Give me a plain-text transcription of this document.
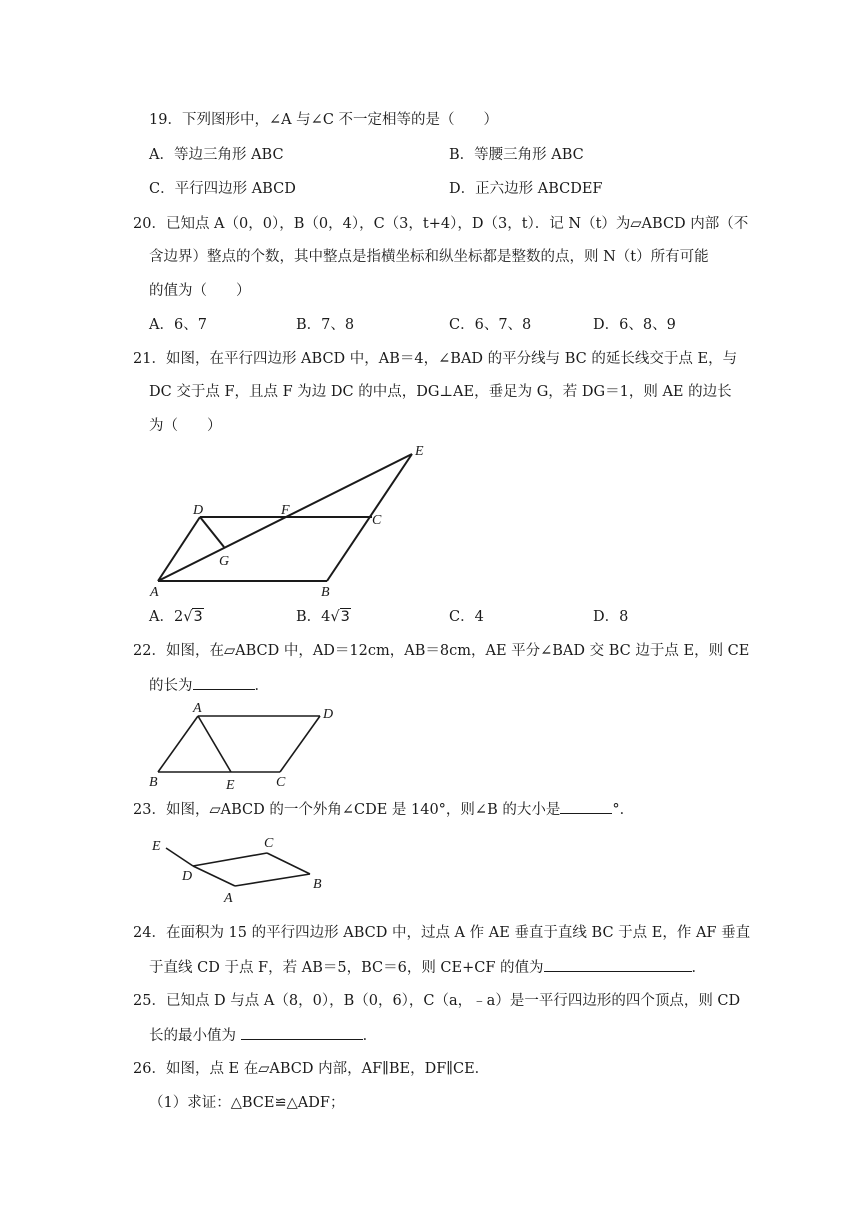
19．下列图形中，∠A 与∠C 不一定相等的是（　　）
A．等边三角形 ABC	B．等腰三角形 ABC
C．平行四边形 ABCD	D．正六边形 ABCDEF
20．已知点 A（0，0），B（0，4），C（3，t+4），D（3，t）．记 N（t）为▱ABCD 内部（不
含边界）整点的个数，其中整点是指横坐标和纵坐标都是整数的点，则 N（t）所有可能
的值为（　　）
A．6、7	B．7、8	C．6、7、8	D．6、8、9
21．如图，在平行四边形 ABCD 中，AB＝4，∠BAD 的平分线与 BC 的延长线交于点 E，与
DC 交于点 F，且点 F 为边 DC 的中点，DG⊥AE，垂足为 G，若 DG＝1，则 AE 的边长
为（　　）
E
D	F
C
G
A	B
A．2√3	B．4√3	C．4	D．8
22．如图，在▱ABCD 中，AD＝12cm，AB＝8cm，AE 平分∠BAD 交 BC 边于点 E，则 CE
的长为	．
A	D
B	E	C
23．如图，▱ABCD 的一个外角∠CDE 是 140°，则∠B 的大小是	°．
E	C
D
B
A
24．在面积为 15 的平行四边形 ABCD 中，过点 A 作 AE 垂直于直线 BC 于点 E，作 AF 垂直
于直线 CD 于点 F，若 AB＝5，BC＝6，则 CE+CF 的值为	．
25．已知点 D 与点 A（8，0），B（0，6），C（a，﹣a）是一平行四边形的四个顶点，则 CD
长的最小值为	．
26．如图，点 E 在▱ABCD 内部，AF∥BE，DF∥CE．
（1）求证：△BCE≌△ADF；
